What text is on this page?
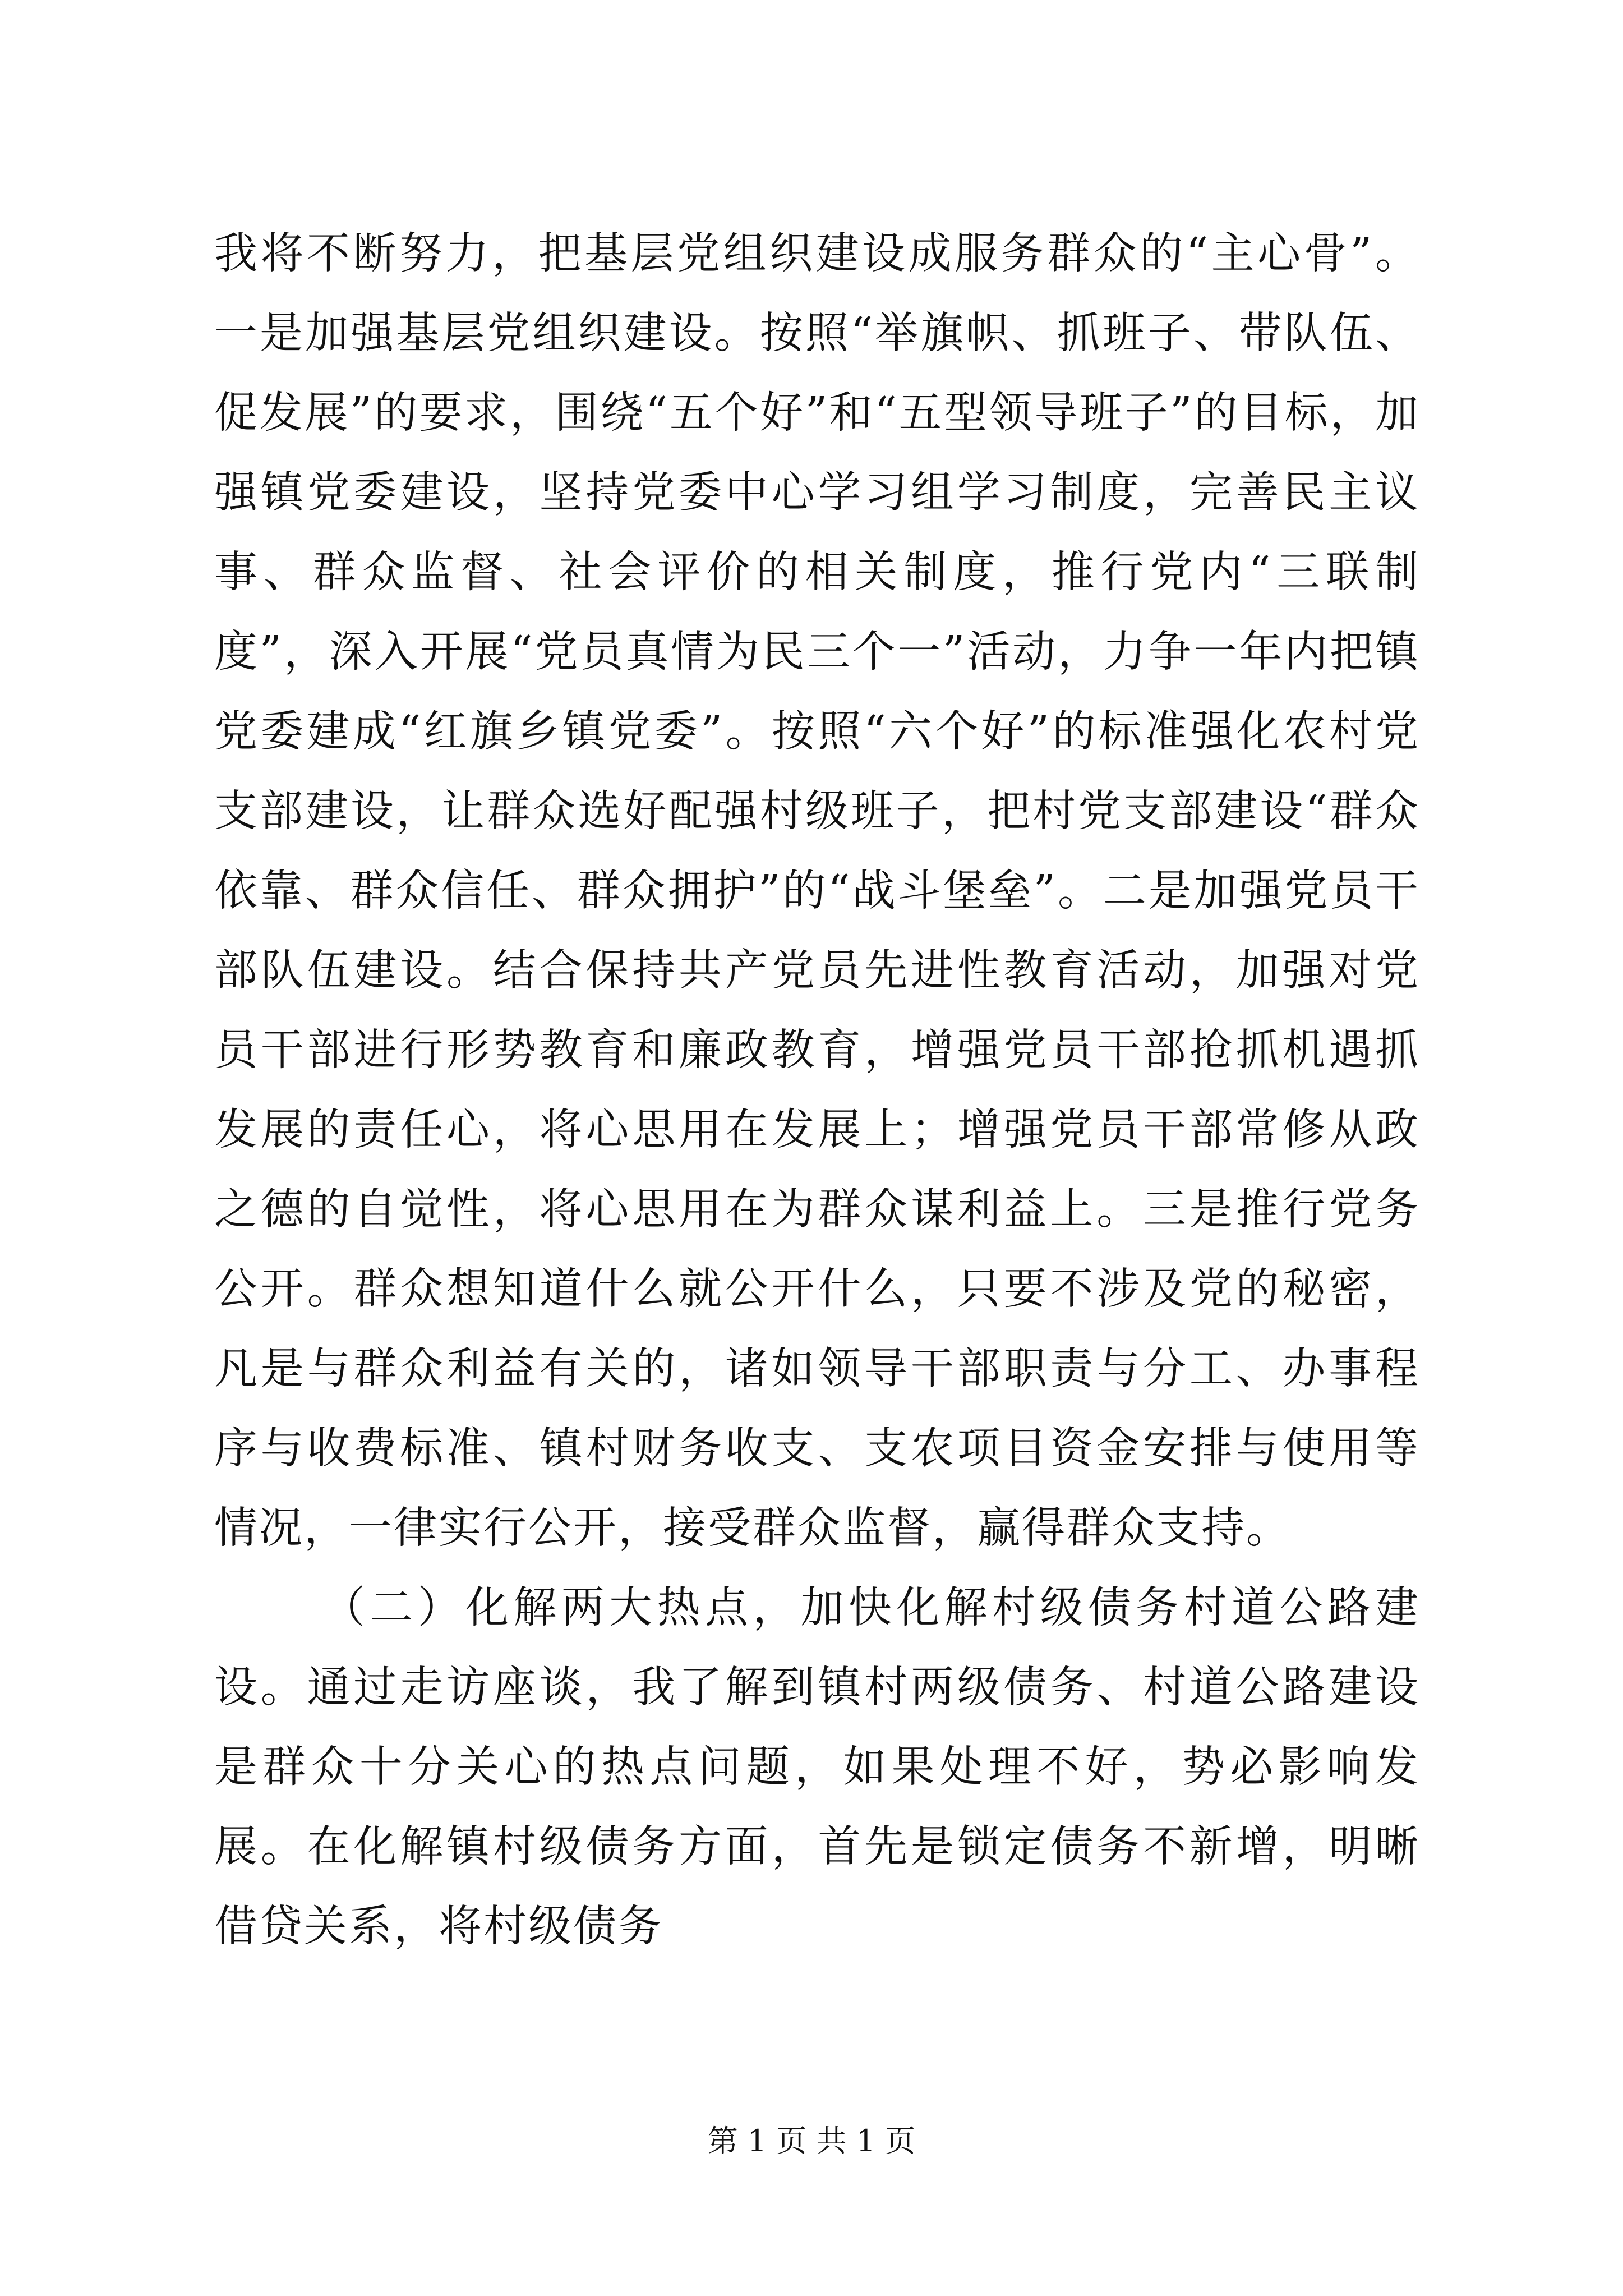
我将不断努力，把基层党组织建设成服务群众的“主心骨”。一是加强基层党组织建设。按照“举旗帜、抓班子、带队伍、促发展”的要求，围绕“五个好”和“五型领导班子”的目标，加强镇党委建设，坚持党委中心学习组学习制度，完善民主议事、群众监督、社会评价的相关制度，推行党内“三联制度”，深入开展“党员真情为民三个一”活动，力争一年内把镇党委建成“红旗乡镇党委”。按照“六个好”的标准强化农村党支部建设，让群众选好配强村级班子，把村党支部建设“群众依靠、群众信任、群众拥护”的“战斗堡垒”。二是加强党员干部队伍建设。结合保持共产党员先进性教育活动，加强对党员干部进行形势教育和廉政教育，增强党员干部抢抓机遇抓发展的责任心，将心思用在发展上；增强党员干部常修从政之德的自觉性，将心思用在为群众谋利益上。三是推行党务公开。群众想知道什么就公开什么，只要不涉及党的秘密，凡是与群众利益有关的，诸如领导干部职责与分工、办事程序与收费标准、镇村财务收支、支农项目资金安排与使用等情况，一律实行公开，接受群众监督，赢得群众支持。

（二）化解两大热点，加快化解村级债务村道公路建设。通过走访座谈，我了解到镇村两级债务、村道公路建设是群众十分关心的热点问题，如果处理不好，势必影响发展。在化解镇村级债务方面，首先是锁定债务不新增，明晰借贷关系，将村级债务

第 1 页 共 1 页
